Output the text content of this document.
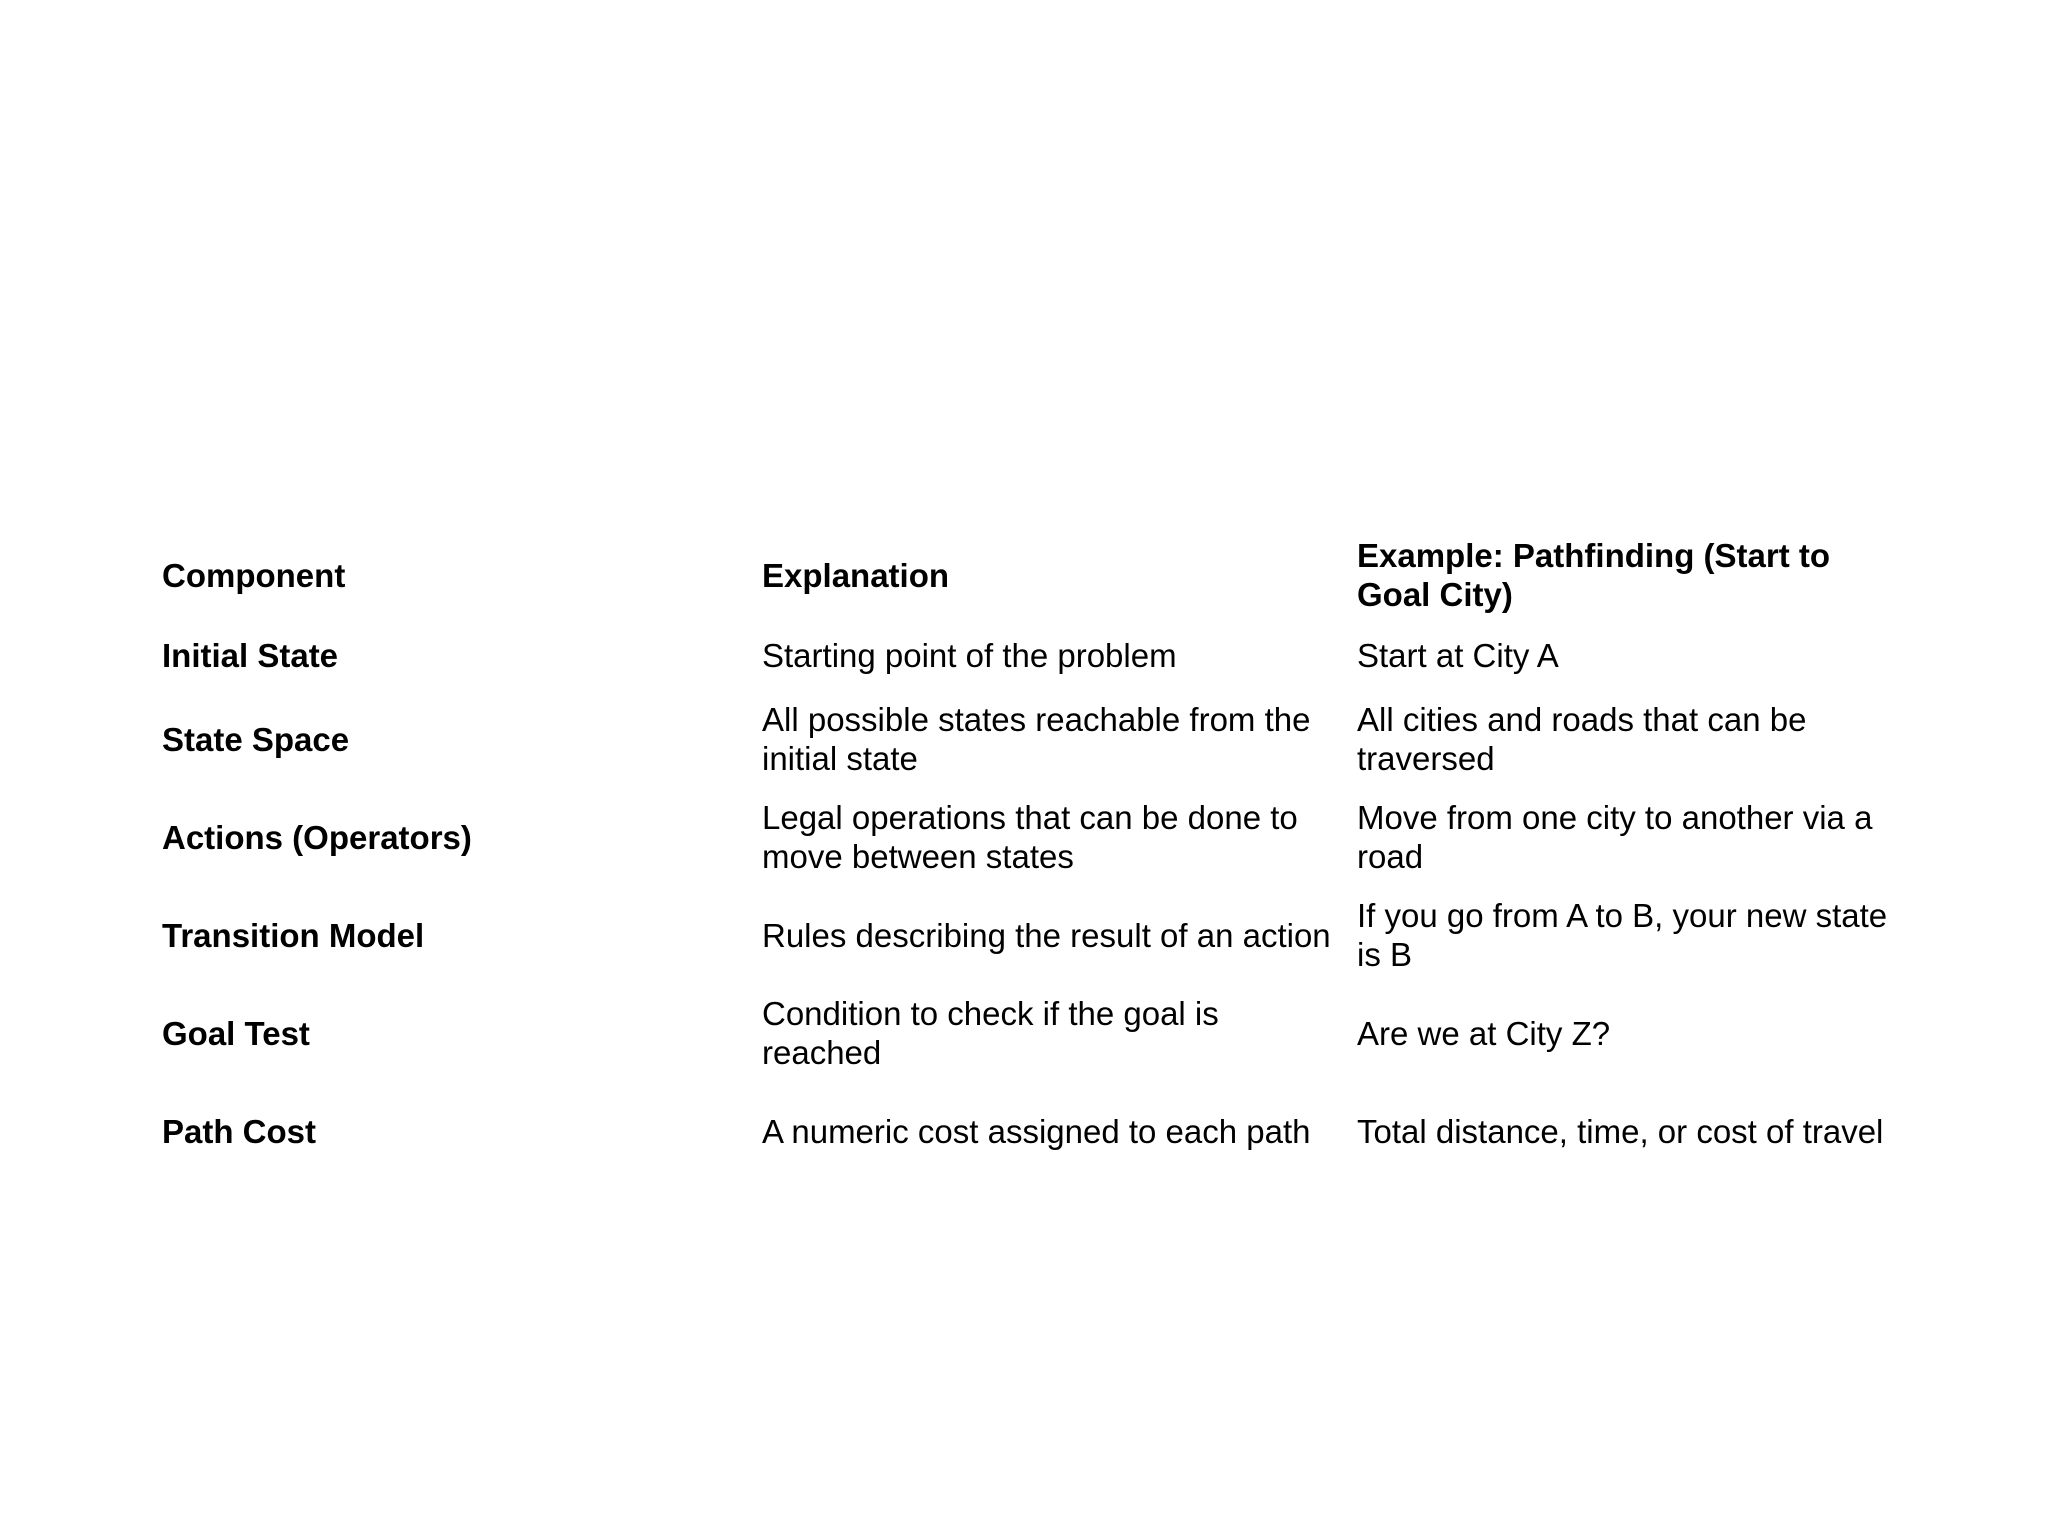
Component	Explanation	Example: Pathfinding (Start to Goal City)
Initial State	Starting point of the problem	Start at City A
State Space	All possible states reachable from the initial state	All cities and roads that can be traversed
Actions (Operators)	Legal operations that can be done to move between states	Move from one city to another via a road
Transition Model	Rules describing the result of an action	If you go from A to B, your new state is B
Goal Test	Condition to check if the goal is reached	Are we at City Z?
Path Cost	A numeric cost assigned to each path	Total distance, time, or cost of travel
